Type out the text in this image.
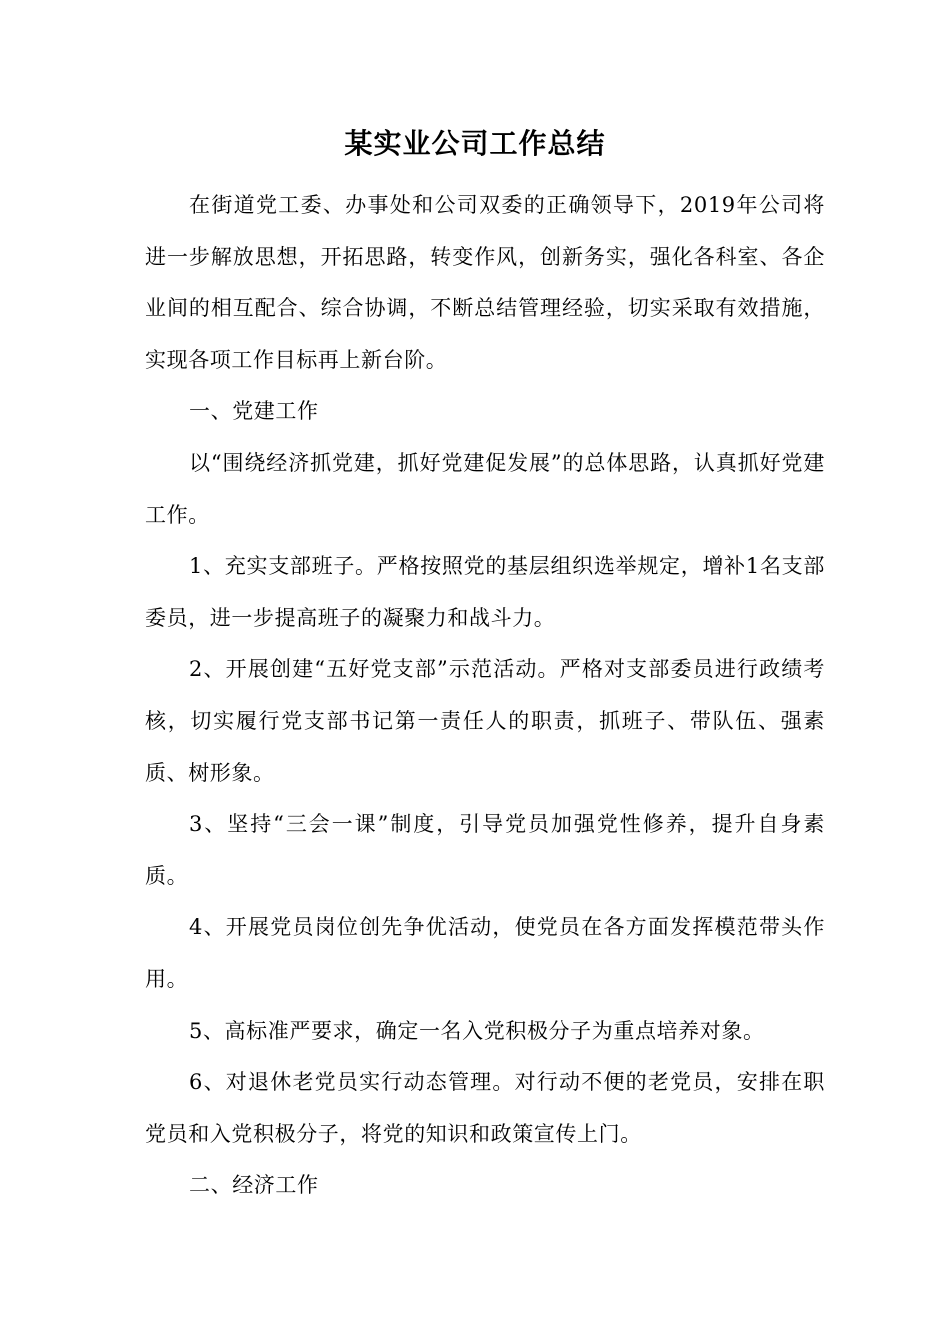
某实业公司工作总结

在街道党工委、办事处和公司双委的正确领导下，2019年公司将进一步解放思想，开拓思路，转变作风，创新务实，强化各科室、各企业间的相互配合、综合协调，不断总结管理经验，切实采取有效措施，实现各项工作目标再上新台阶。

一、党建工作

以“围绕经济抓党建，抓好党建促发展”的总体思路，认真抓好党建工作。

1、充实支部班子。严格按照党的基层组织选举规定，增补1名支部委员，进一步提高班子的凝聚力和战斗力。

2、开展创建“五好党支部”示范活动。严格对支部委员进行政绩考核，切实履行党支部书记第一责任人的职责，抓班子、带队伍、强素质、树形象。

3、坚持“三会一课”制度，引导党员加强党性修养，提升自身素质。

4、开展党员岗位创先争优活动，使党员在各方面发挥模范带头作用。

5、高标准严要求，确定一名入党积极分子为重点培养对象。

6、对退休老党员实行动态管理。对行动不便的老党员，安排在职党员和入党积极分子，将党的知识和政策宣传上门。

二、经济工作
